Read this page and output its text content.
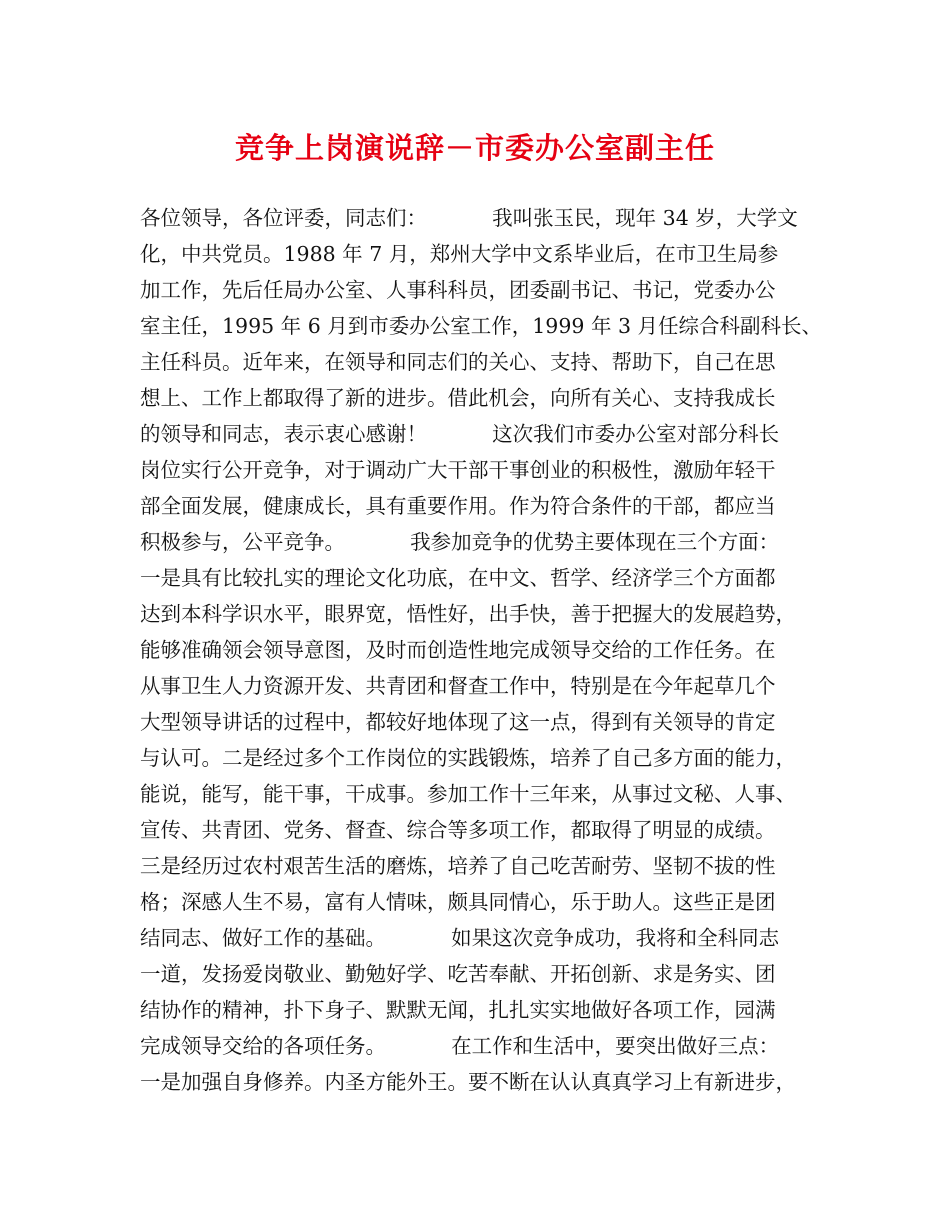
竞争上岗演说辞－市委办公室副主任
各位领导，各位评委，同志们：          我叫张玉民，现年 34 岁，大学文
化，中共党员。1988 年 7 月，郑州大学中文系毕业后，在市卫生局参
加工作，先后任局办公室、人事科科员，团委副书记、书记，党委办公
室主任，1995 年 6 月到市委办公室工作，1999 年 3 月任综合科副科长、
主任科员。近年来，在领导和同志们的关心、支持、帮助下，自己在思
想上、工作上都取得了新的进步。借此机会，向所有关心、支持我成长
的领导和同志，表示衷心感谢！          这次我们市委办公室对部分科长
岗位实行公开竞争，对于调动广大干部干事创业的积极性，激励年轻干
部全面发展，健康成长，具有重要作用。作为符合条件的干部，都应当
积极参与，公平竞争。          我参加竞争的优势主要体现在三个方面：
一是具有比较扎实的理论文化功底，在中文、哲学、经济学三个方面都
达到本科学识水平，眼界宽，悟性好，出手快，善于把握大的发展趋势，
能够准确领会领导意图，及时而创造性地完成领导交给的工作任务。在
从事卫生人力资源开发、共青团和督查工作中，特别是在今年起草几个
大型领导讲话的过程中，都较好地体现了这一点，得到有关领导的肯定
与认可。二是经过多个工作岗位的实践锻炼，培养了自己多方面的能力，
能说，能写，能干事，干成事。参加工作十三年来，从事过文秘、人事、
宣传、共青团、党务、督查、综合等多项工作，都取得了明显的成绩。
三是经历过农村艰苦生活的磨炼，培养了自己吃苦耐劳、坚韧不拔的性
格；深感人生不易，富有人情味，颇具同情心，乐于助人。这些正是团
结同志、做好工作的基础。          如果这次竞争成功，我将和全科同志
一道，发扬爱岗敬业、勤勉好学、吃苦奉献、开拓创新、求是务实、团
结协作的精神，扑下身子、默默无闻，扎扎实实地做好各项工作，园满
完成领导交给的各项任务。          在工作和生活中，要突出做好三点：
一是加强自身修养。内圣方能外王。要不断在认认真真学习上有新进步，
